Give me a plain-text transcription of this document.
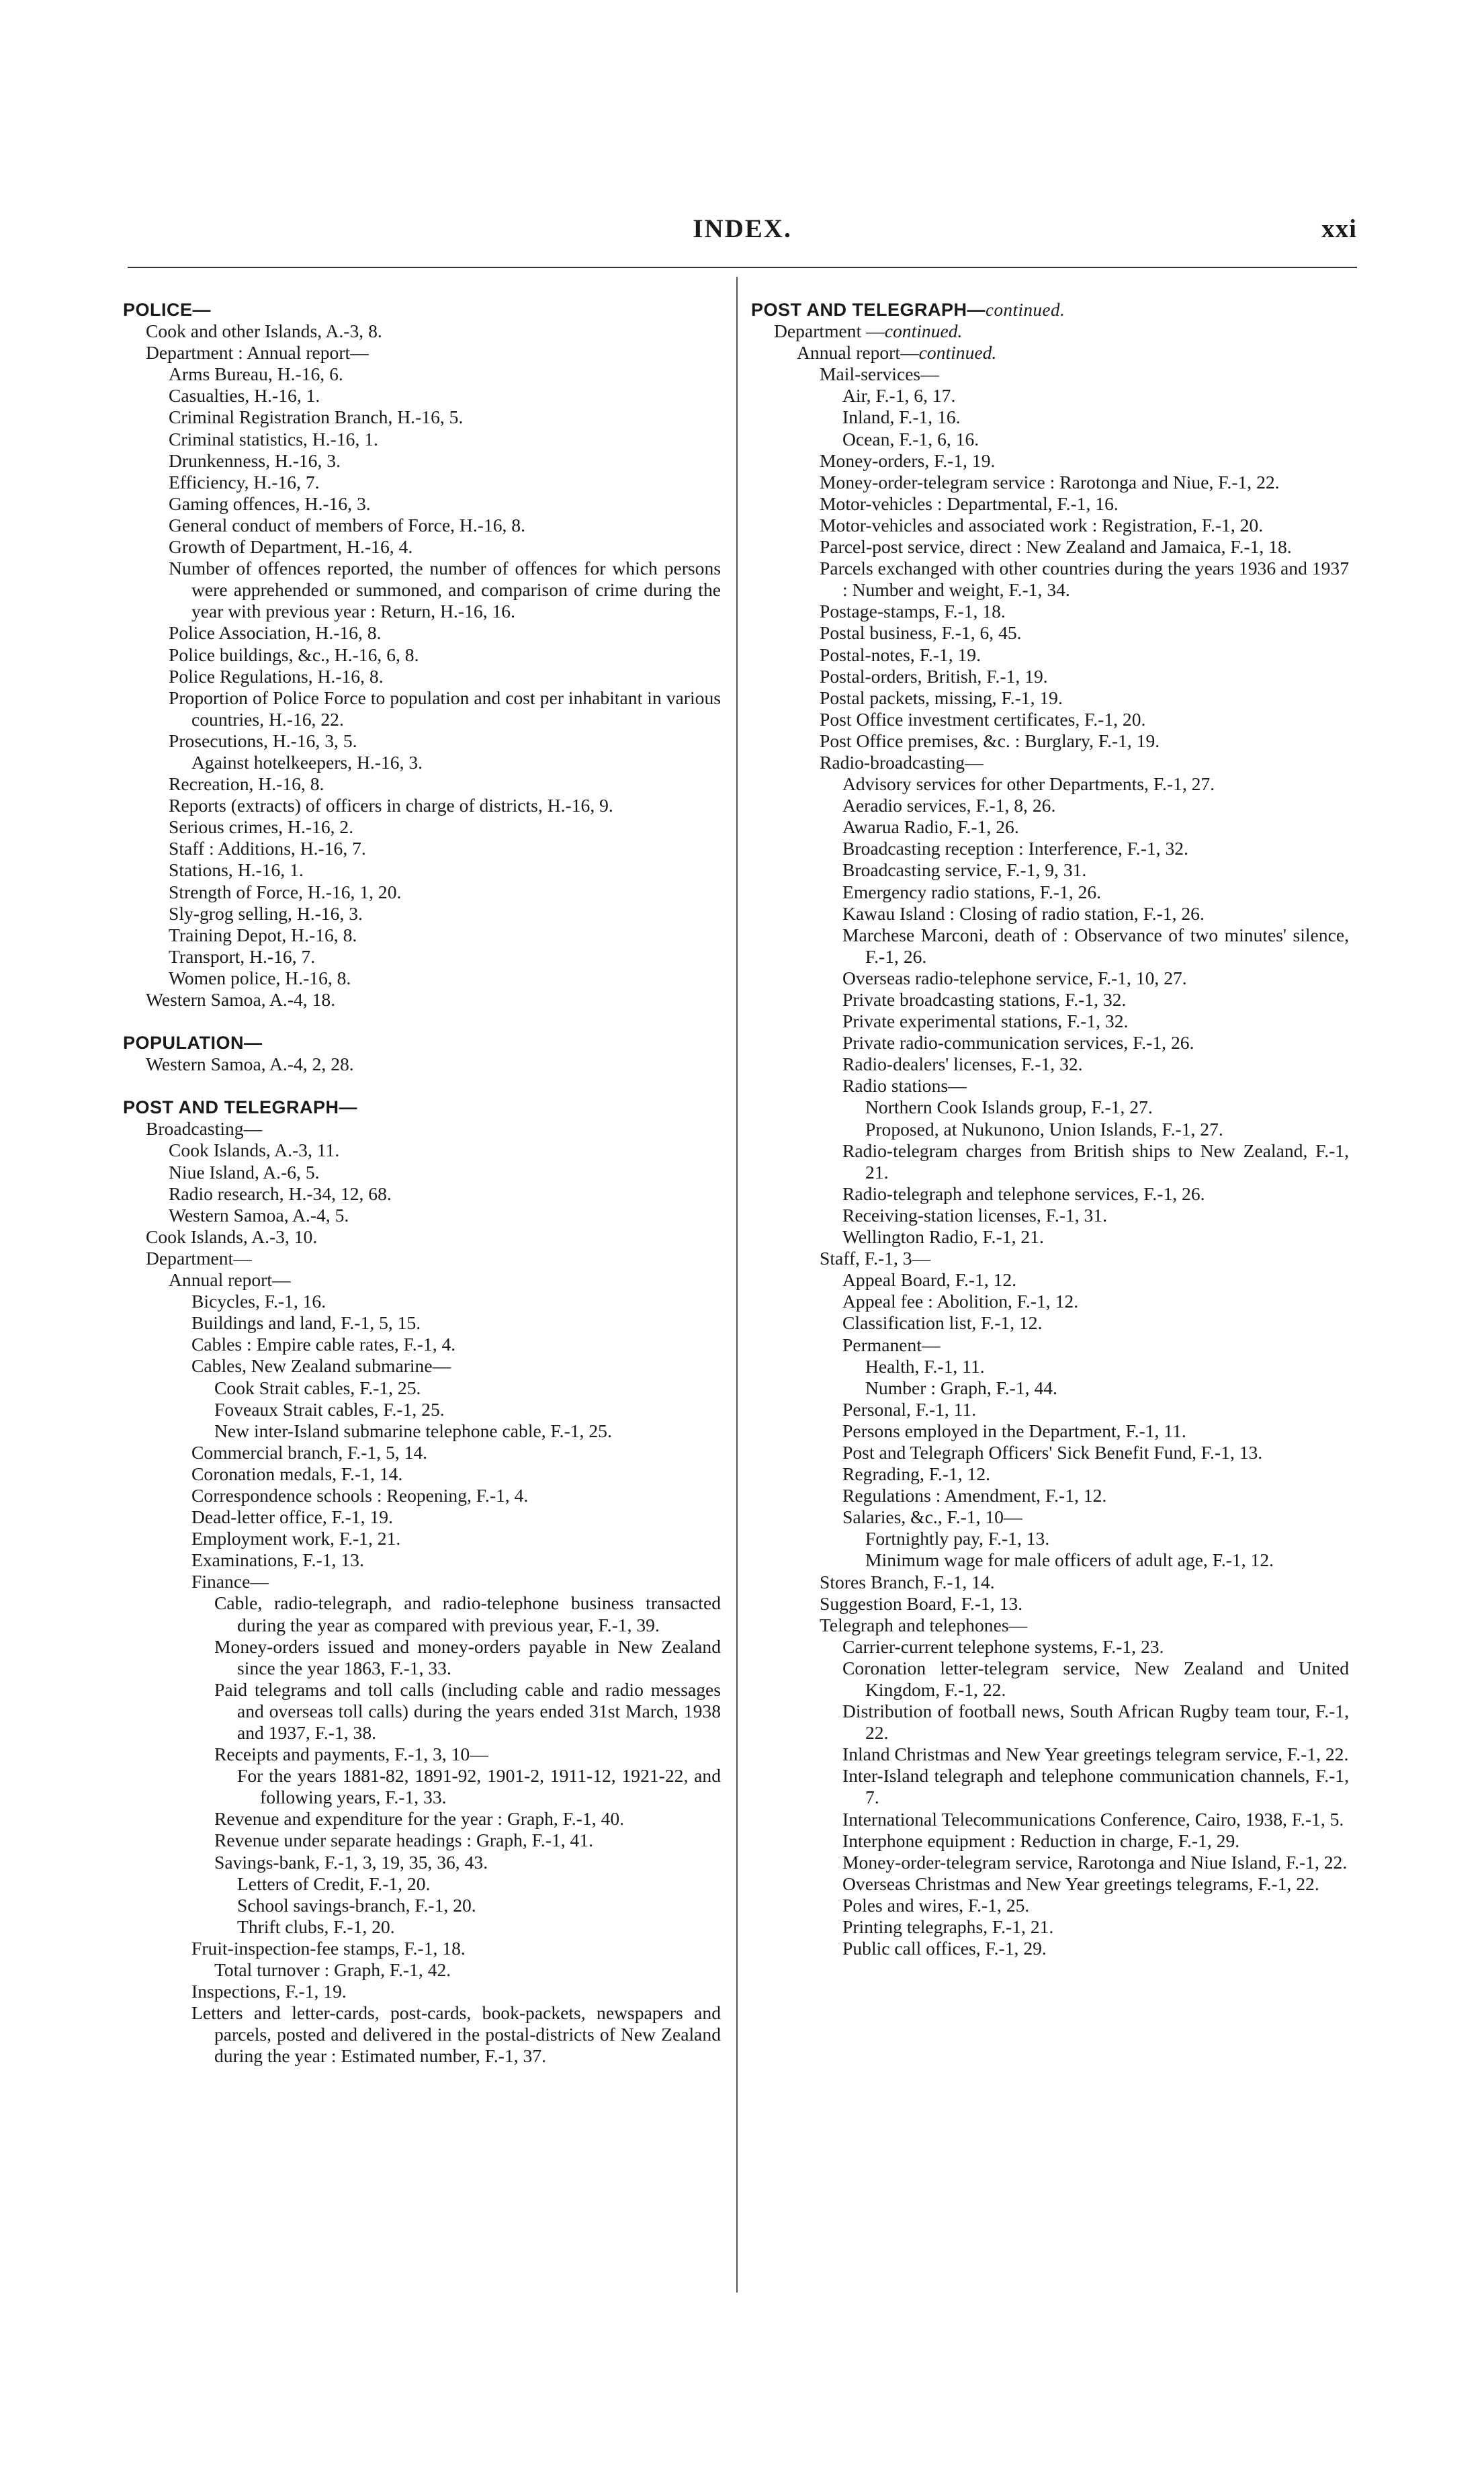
INDEX.	xxi
POLICE—
Cook and other Islands, A.-3, 8.
Department : Annual report—
Arms Bureau, H.-16, 6.
Casualties, H.-16, 1.
Criminal Registration Branch, H.-16, 5.
Criminal statistics, H.-16, 1.
Drunkenness, H.-16, 3.
Efficiency, H.-16, 7.
Gaming offences, H.-16, 3.
General conduct of members of Force, H.-16, 8.
Growth of Department, H.-16, 4.
Number of offences reported, the number of offences for which persons were apprehended or summoned, and comparison of crime during the year with previous year : Return, H.-16, 16.
Police Association, H.-16, 8.
Police buildings, &c., H.-16, 6, 8.
Police Regulations, H.-16, 8.
Proportion of Police Force to population and cost per inhabitant in various countries, H.-16, 22.
Prosecutions, H.-16, 3, 5.
Against hotelkeepers, H.-16, 3.
Recreation, H.-16, 8.
Reports (extracts) of officers in charge of districts, H.-16, 9.
Serious crimes, H.-16, 2.
Staff : Additions, H.-16, 7.
Stations, H.-16, 1.
Strength of Force, H.-16, 1, 20.
Sly-grog selling, H.-16, 3.
Training Depot, H.-16, 8.
Transport, H.-16, 7.
Women police, H.-16, 8.
Western Samoa, A.-4, 18.
POPULATION—
Western Samoa, A.-4, 2, 28.
POST AND TELEGRAPH—
Broadcasting—
Cook Islands, A.-3, 11.
Niue Island, A.-6, 5.
Radio research, H.-34, 12, 68.
Western Samoa, A.-4, 5.
Cook Islands, A.-3, 10.
Department—
Annual report—
Bicycles, F.-1, 16.
Buildings and land, F.-1, 5, 15.
Cables : Empire cable rates, F.-1, 4.
Cables, New Zealand submarine—
Cook Strait cables, F.-1, 25.
Foveaux Strait cables, F.-1, 25.
New inter-Island submarine telephone cable, F.-1, 25.
Commercial branch, F.-1, 5, 14.
Coronation medals, F.-1, 14.
Correspondence schools : Reopening, F.-1, 4.
Dead-letter office, F.-1, 19.
Employment work, F.-1, 21.
Examinations, F.-1, 13.
Finance—
Cable, radio-telegraph, and radio-telephone business transacted during the year as compared with previous year, F.-1, 39.
Money-orders issued and money-orders payable in New Zealand since the year 1863, F.-1, 33.
Paid telegrams and toll calls (including cable and radio messages and overseas toll calls) during the years ended 31st March, 1938 and 1937, F.-1, 38.
Receipts and payments, F.-1, 3, 10—
For the years 1881-82, 1891-92, 1901-2, 1911-12, 1921-22, and following years, F.-1, 33.
Revenue and expenditure for the year : Graph, F.-1, 40.
Revenue under separate headings : Graph, F.-1, 41.
Savings-bank, F.-1, 3, 19, 35, 36, 43.
Letters of Credit, F.-1, 20.
School savings-branch, F.-1, 20.
Thrift clubs, F.-1, 20.
Fruit-inspection-fee stamps, F.-1, 18.
Total turnover : Graph, F.-1, 42.
Inspections, F.-1, 19.
Letters and letter-cards, post-cards, book-packets, newspapers and parcels, posted and delivered in the postal-districts of New Zealand during the year : Estimated number, F.-1, 37.
POST AND TELEGRAPH—continued.
Department —continued.
Annual report—continued.
Mail-services—
Air, F.-1, 6, 17.
Inland, F.-1, 16.
Ocean, F.-1, 6, 16.
Money-orders, F.-1, 19.
Money-order-telegram service : Rarotonga and Niue, F.-1, 22.
Motor-vehicles : Departmental, F.-1, 16.
Motor-vehicles and associated work : Registration, F.-1, 20.
Parcel-post service, direct : New Zealand and Jamaica, F.-1, 18.
Parcels exchanged with other countries during the years 1936 and 1937 : Number and weight, F.-1, 34.
Postage-stamps, F.-1, 18.
Postal business, F.-1, 6, 45.
Postal-notes, F.-1, 19.
Postal-orders, British, F.-1, 19.
Postal packets, missing, F.-1, 19.
Post Office investment certificates, F.-1, 20.
Post Office premises, &c. : Burglary, F.-1, 19.
Radio-broadcasting—
Advisory services for other Departments, F.-1, 27.
Aeradio services, F.-1, 8, 26.
Awarua Radio, F.-1, 26.
Broadcasting reception : Interference, F.-1, 32.
Broadcasting service, F.-1, 9, 31.
Emergency radio stations, F.-1, 26.
Kawau Island : Closing of radio station, F.-1, 26.
Marchese Marconi, death of : Observance of two minutes' silence, F.-1, 26.
Overseas radio-telephone service, F.-1, 10, 27.
Private broadcasting stations, F.-1, 32.
Private experimental stations, F.-1, 32.
Private radio-communication services, F.-1, 26.
Radio-dealers' licenses, F.-1, 32.
Radio stations—
Northern Cook Islands group, F.-1, 27.
Proposed, at Nukunono, Union Islands, F.-1, 27.
Radio-telegram charges from British ships to New Zealand, F.-1, 21.
Radio-telegraph and telephone services, F.-1, 26.
Receiving-station licenses, F.-1, 31.
Wellington Radio, F.-1, 21.
Staff, F.-1, 3—
Appeal Board, F.-1, 12.
Appeal fee : Abolition, F.-1, 12.
Classification list, F.-1, 12.
Permanent—
Health, F.-1, 11.
Number : Graph, F.-1, 44.
Personal, F.-1, 11.
Persons employed in the Department, F.-1, 11.
Post and Telegraph Officers' Sick Benefit Fund, F.-1, 13.
Regrading, F.-1, 12.
Regulations : Amendment, F.-1, 12.
Salaries, &c., F.-1, 10—
Fortnightly pay, F.-1, 13.
Minimum wage for male officers of adult age, F.-1, 12.
Stores Branch, F.-1, 14.
Suggestion Board, F.-1, 13.
Telegraph and telephones—
Carrier-current telephone systems, F.-1, 23.
Coronation letter-telegram service, New Zealand and United Kingdom, F.-1, 22.
Distribution of football news, South African Rugby team tour, F.-1, 22.
Inland Christmas and New Year greetings telegram service, F.-1, 22.
Inter-Island telegraph and telephone communication channels, F.-1, 7.
International Telecommunications Conference, Cairo, 1938, F.-1, 5.
Interphone equipment : Reduction in charge, F.-1, 29.
Money-order-telegram service, Rarotonga and Niue Island, F.-1, 22.
Overseas Christmas and New Year greetings telegrams, F.-1, 22.
Poles and wires, F.-1, 25.
Printing telegraphs, F.-1, 21.
Public call offices, F.-1, 29.
